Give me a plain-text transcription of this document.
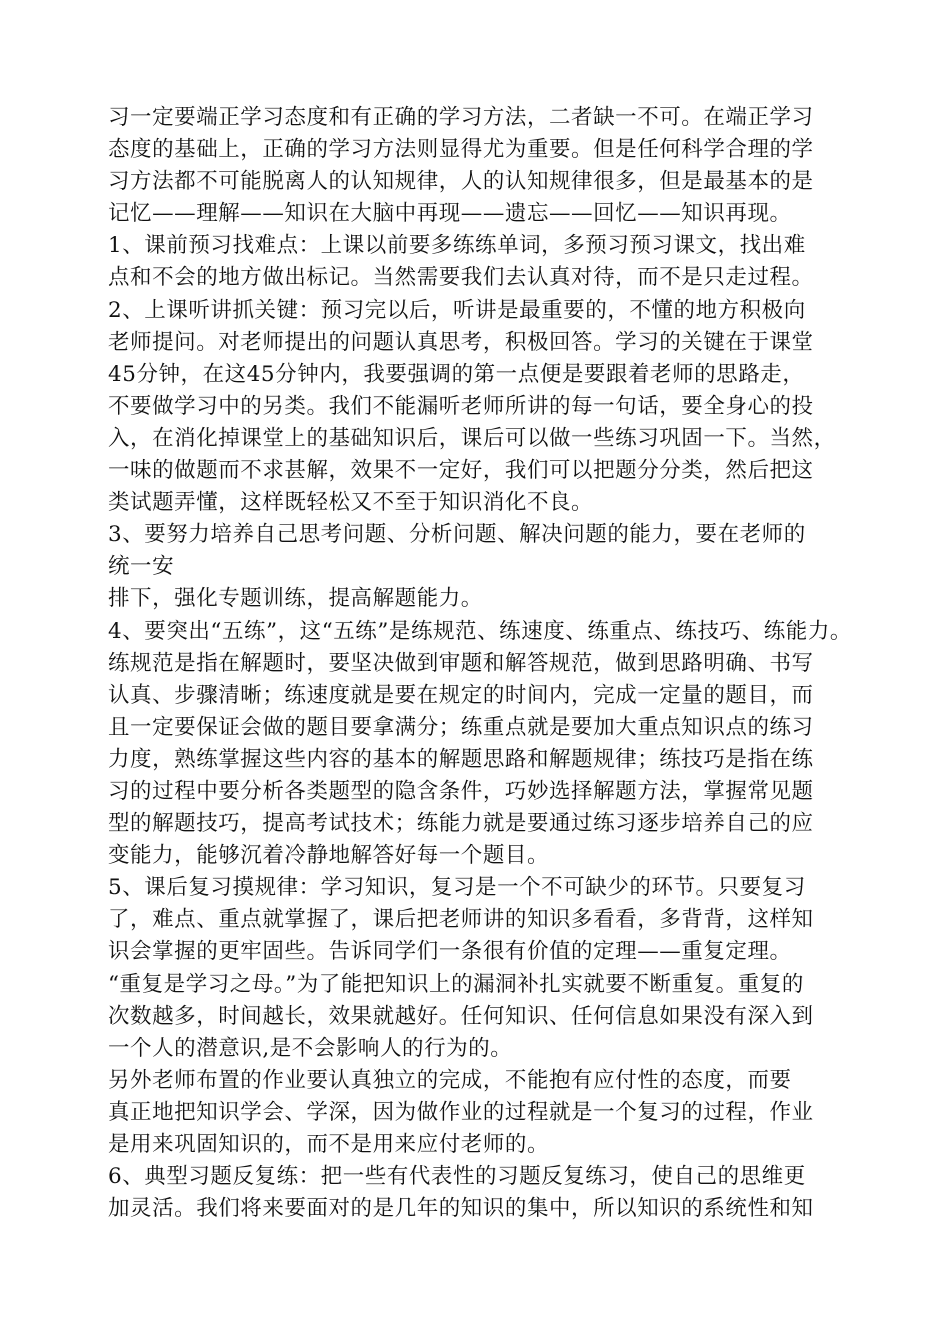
习一定要端正学习态度和有正确的学习方法，二者缺一不可。在端正学习
态度的基础上，正确的学习方法则显得尤为重要。但是任何科学合理的学
习方法都不可能脱离人的认知规律，人的认知规律很多，但是最基本的是
记忆——理解——知识在大脑中再现——遗忘——回忆——知识再现。
1、课前预习找难点：上课以前要多练练单词，多预习预习课文，找出难
点和不会的地方做出标记。当然需要我们去认真对待，而不是只走过程。
2、上课听讲抓关键：预习完以后，听讲是最重要的，不懂的地方积极向
老师提问。对老师提出的问题认真思考，积极回答。学习的关键在于课堂
45分钟，在这45分钟内，我要强调的第一点便是要跟着老师的思路走，
不要做学习中的另类。我们不能漏听老师所讲的每一句话，要全身心的投
入，在消化掉课堂上的基础知识后，课后可以做一些练习巩固一下。当然，
一味的做题而不求甚解，效果不一定好，我们可以把题分分类，然后把这
类试题弄懂，这样既轻松又不至于知识消化不良。
3、要努力培养自己思考问题、分析问题、解决问题的能力，要在老师的
统一安
排下，强化专题训练，提高解题能力。
4、要突出“五练”，这“五练”是练规范、练速度、练重点、练技巧、练能力。
练规范是指在解题时，要坚决做到审题和解答规范，做到思路明确、书写
认真、步骤清晰；练速度就是要在规定的时间内，完成一定量的题目，而
且一定要保证会做的题目要拿满分；练重点就是要加大重点知识点的练习
力度，熟练掌握这些内容的基本的解题思路和解题规律；练技巧是指在练
习的过程中要分析各类题型的隐含条件，巧妙选择解题方法，掌握常见题
型的解题技巧，提高考试技术；练能力就是要通过练习逐步培养自己的应
变能力，能够沉着冷静地解答好每一个题目。
5、课后复习摸规律：学习知识，复习是一个不可缺少的环节。只要复习
了，难点、重点就掌握了，课后把老师讲的知识多看看，多背背，这样知
识会掌握的更牢固些。告诉同学们一条很有价值的定理——重复定理。
“重复是学习之母。”为了能把知识上的漏洞补扎实就要不断重复。重复的
次数越多，时间越长，效果就越好。任何知识、任何信息如果没有深入到
一个人的潜意识,是不会影响人的行为的。
另外老师布置的作业要认真独立的完成，不能抱有应付性的态度，而要
真正地把知识学会、学深，因为做作业的过程就是一个复习的过程，作业
是用来巩固知识的，而不是用来应付老师的。
6、典型习题反复练：把一些有代表性的习题反复练习，使自己的思维更
加灵活。我们将来要面对的是几年的知识的集中，所以知识的系统性和知
